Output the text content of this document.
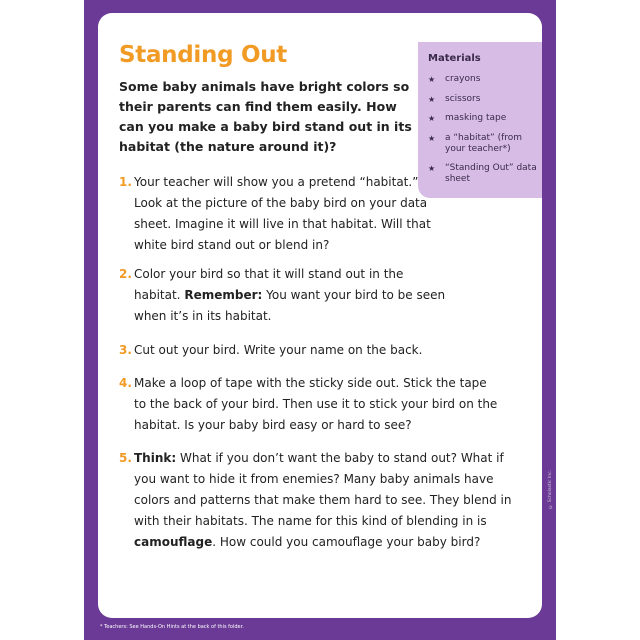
task card 2

Materials

★ crayons
★ scissors
★ masking tape
★ a “habitat” (from your teacher*)
★ “Standing Out” data sheet
Standing Out

Some baby animals have bright colors so their parents can find them easily. How can you make a baby bird stand out in its habitat (the nature around it)?

1. Your teacher will show you a pretend “habitat.” Look at the picture of the baby bird on your data sheet. Imagine it will live in that habitat. Will that white bird stand out or blend in?

2. Color your bird so that it will stand out in the habitat. Remember: You want your bird to be seen when it’s in its habitat.

3. Cut out your bird. Write your name on the back.

4. Make a loop of tape with the sticky side out. Stick the tape to the back of your bird. Then use it to stick your bird on the habitat. Is your baby bird easy or hard to see?

5. Think: What if you don’t want the baby to stand out? What if you want to hide it from enemies? Many baby animals have colors and patterns that make them hard to see. They blend in with their habitats. The name for this kind of blending in is camouflage. How could you camouflage your baby bird?

* Teachers: See Hands-On Hints at the back of this folder.
© Scholastic Inc.
